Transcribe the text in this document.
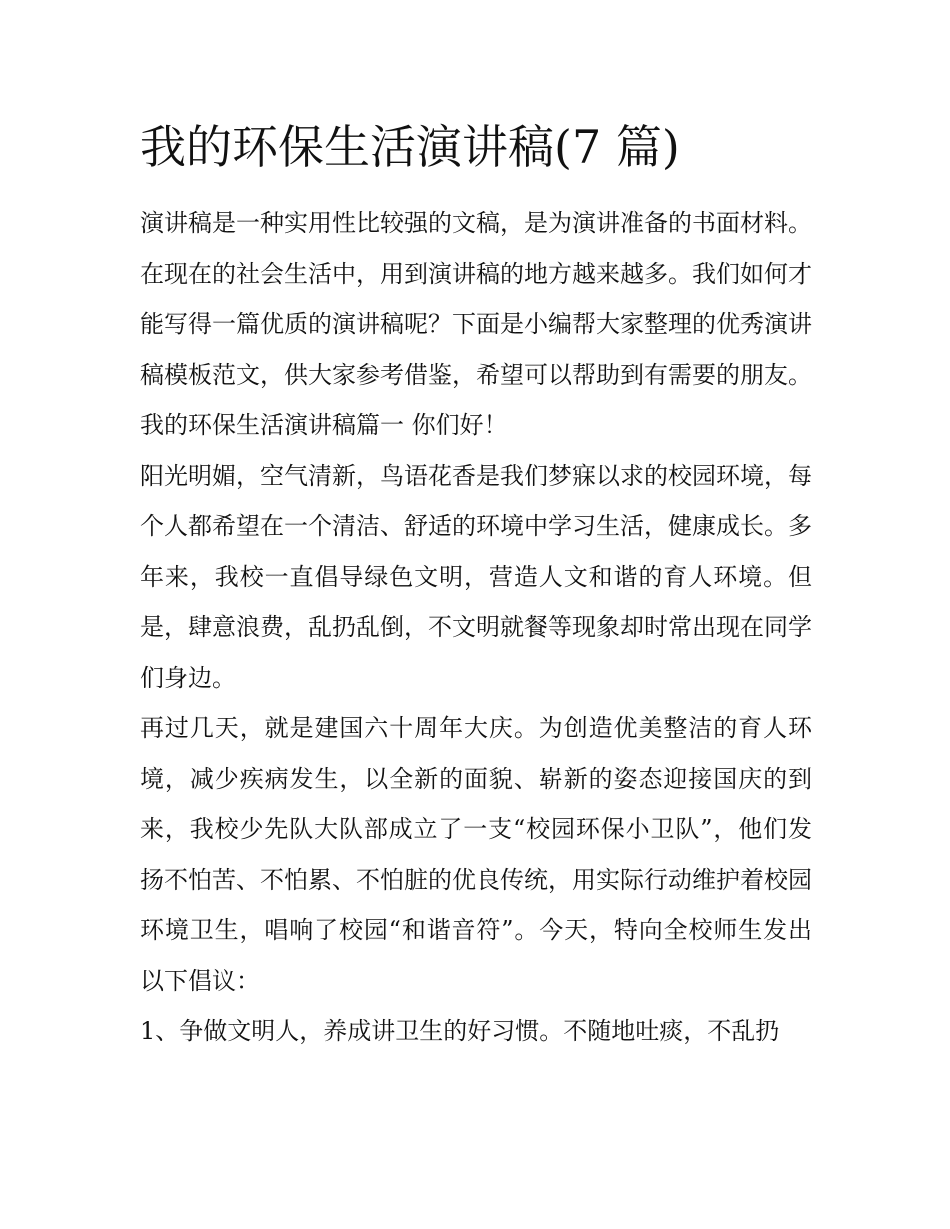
我的环保生活演讲稿(7 篇)

演讲稿是一种实用性比较强的文稿，是为演讲准备的书面材料。在现在的社会生活中，用到演讲稿的地方越来越多。我们如何才能写得一篇优质的演讲稿呢？下面是小编帮大家整理的优秀演讲稿模板范文，供大家参考借鉴，希望可以帮助到有需要的朋友。

我的环保生活演讲稿篇一 你们好！

阳光明媚，空气清新，鸟语花香是我们梦寐以求的校园环境，每个人都希望在一个清洁、舒适的环境中学习生活，健康成长。多年来，我校一直倡导绿色文明，营造人文和谐的育人环境。但是，肆意浪费，乱扔乱倒，不文明就餐等现象却时常出现在同学们身边。

再过几天，就是建国六十周年大庆。为创造优美整洁的育人环境，减少疾病发生，以全新的面貌、崭新的姿态迎接国庆的到来，我校少先队大队部成立了一支“校园环保小卫队”，他们发扬不怕苦、不怕累、不怕脏的优良传统，用实际行动维护着校园环境卫生，唱响了校园“和谐音符”。今天，特向全校师生发出以下倡议：

1、争做文明人，养成讲卫生的好习惯。不随地吐痰，不乱扔
